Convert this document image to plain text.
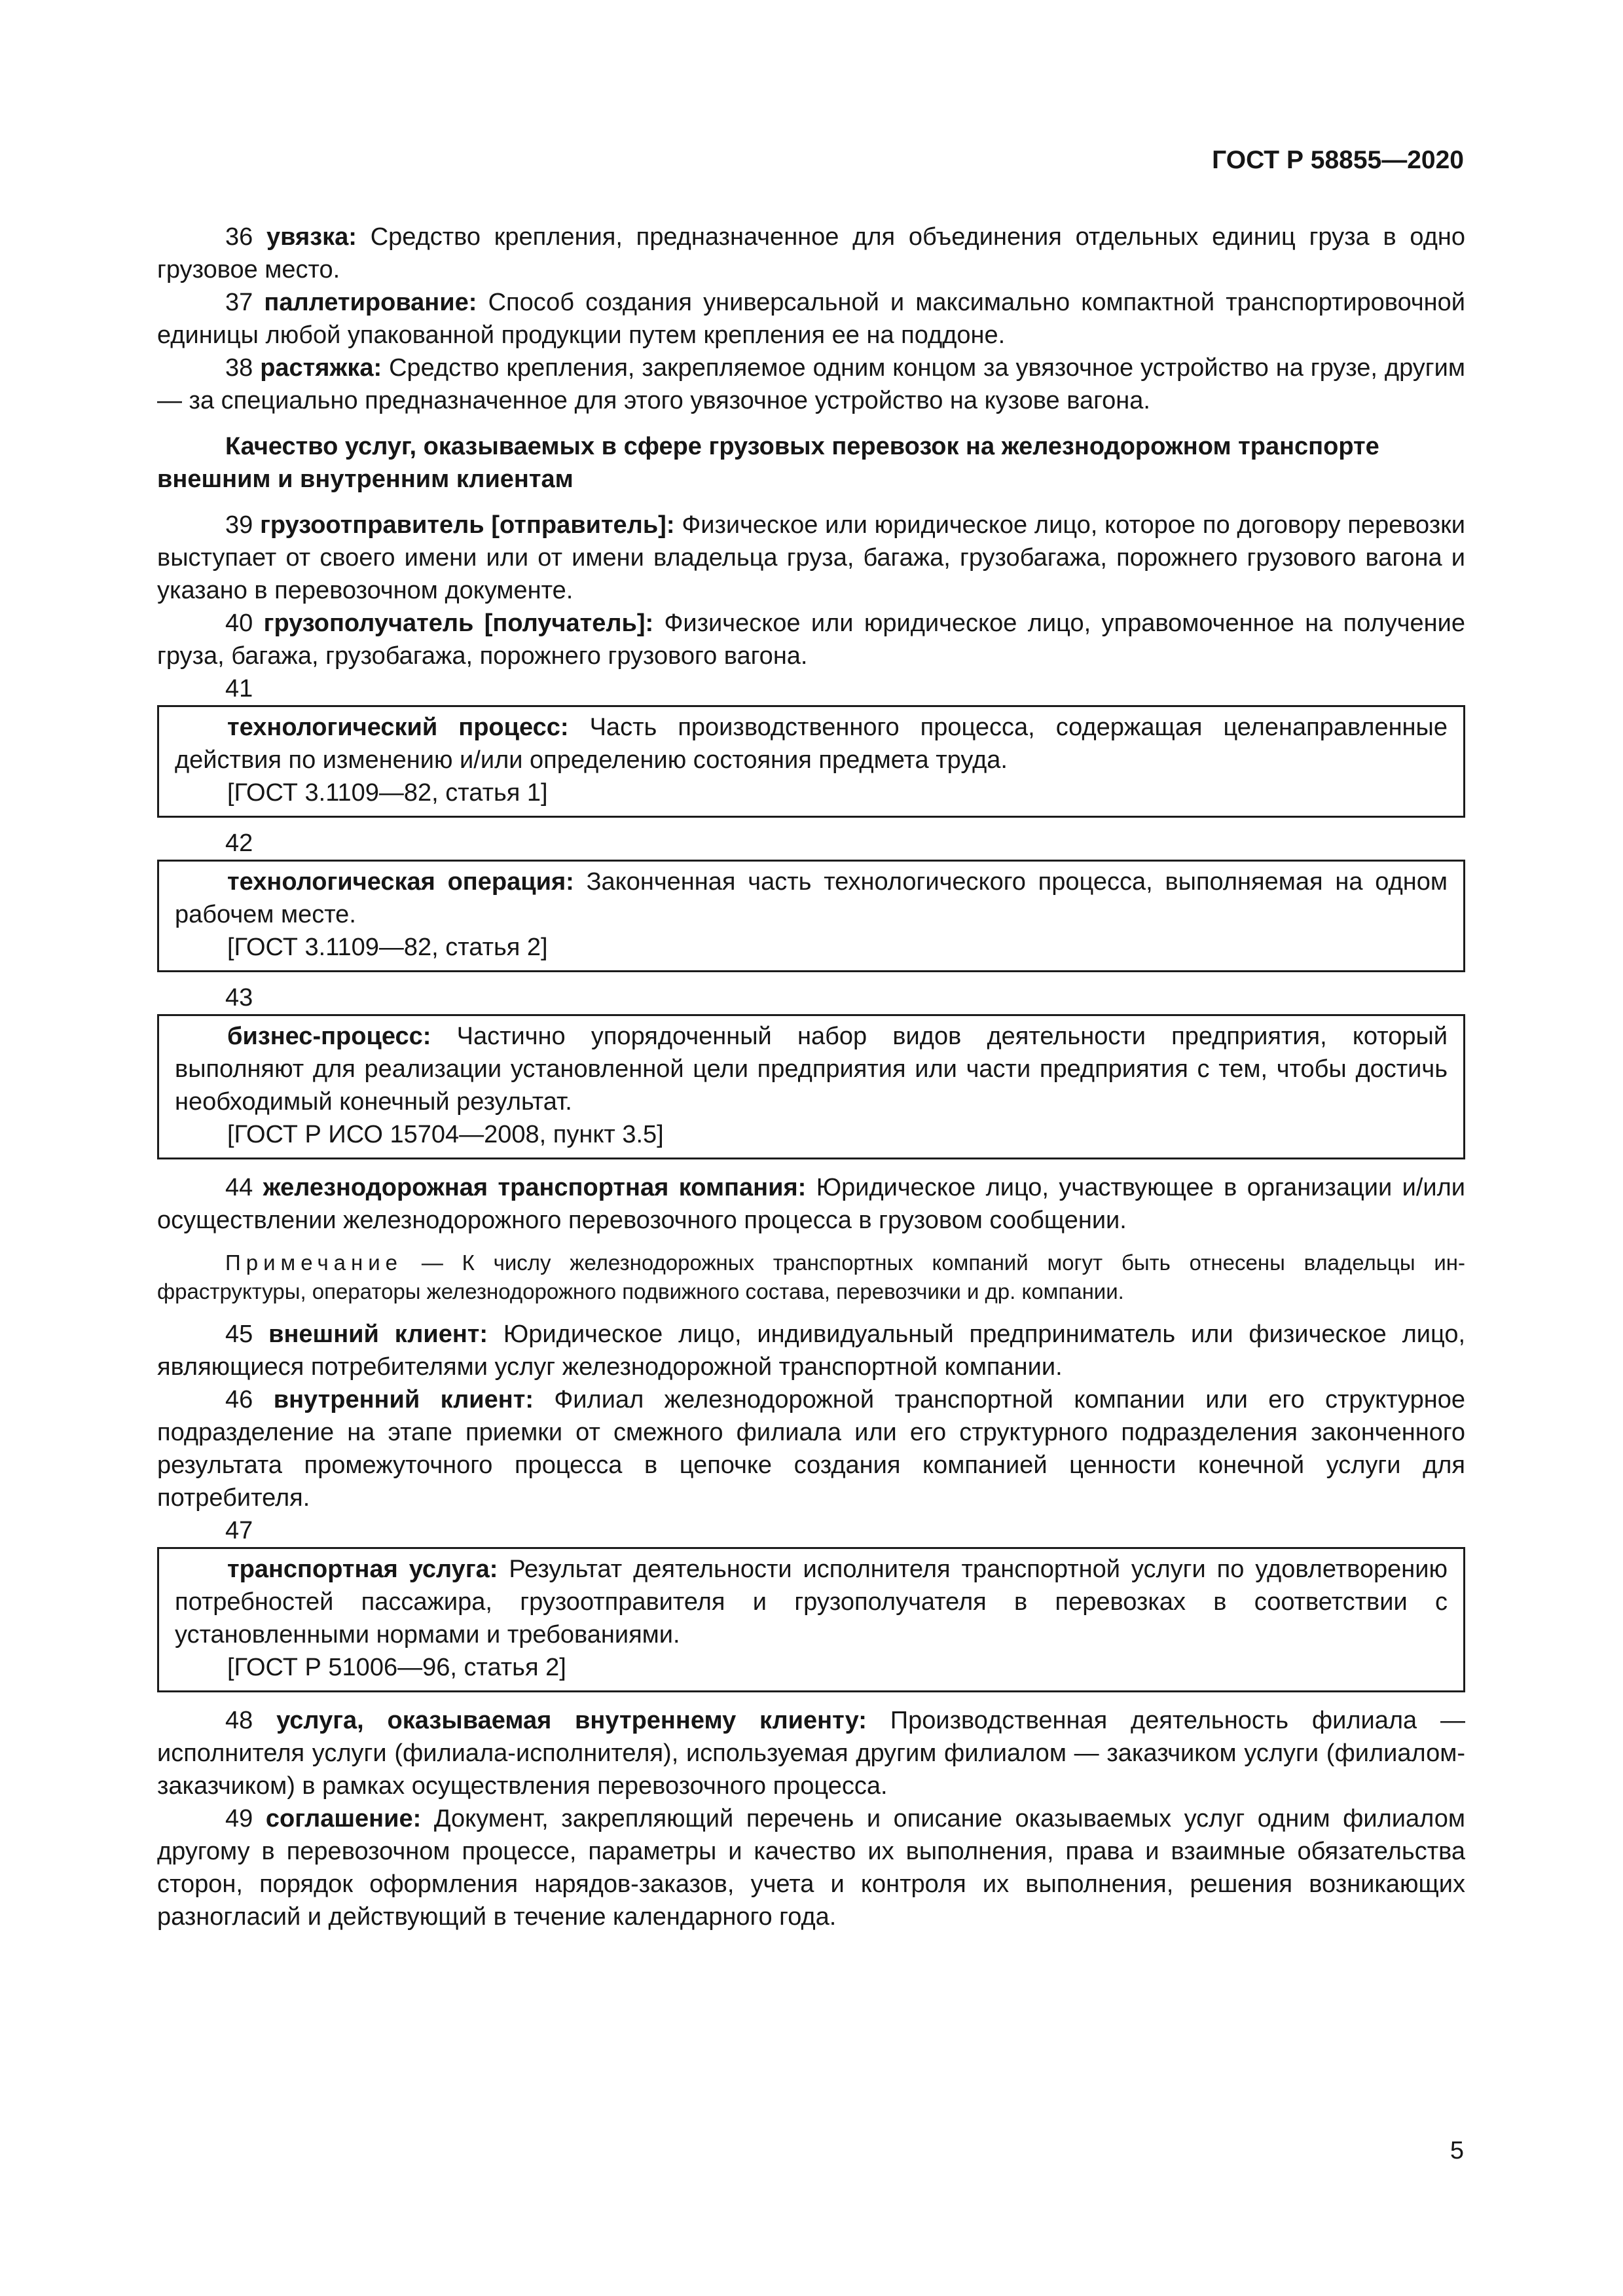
ГОСТ Р 58855—2020

36 увязка: Средство крепления, предназначенное для объединения отдельных единиц груза в одно грузовое место.

37 паллетирование: Способ создания универсальной и максимально компактной транспортировочной единицы любой упакованной продукции путем крепления ее на поддоне.

38 растяжка: Средство крепления, закрепляемое одним концом за увязочное устройство на грузе, другим — за специально предназначенное для этого увязочное устройство на кузове вагона.

Качество услуг, оказываемых в сфере грузовых перевозок на железнодорожном транспорте внешним и внутренним клиентам

39 грузоотправитель [отправитель]: Физическое или юридическое лицо, которое по договору перевозки выступает от своего имени или от имени владельца груза, багажа, грузобагажа, порожнего грузового вагона и указано в перевозочном документе.

40 грузополучатель [получатель]: Физическое или юридическое лицо, управомоченное на получение груза, багажа, грузобагажа, порожнего грузового вагона.

41

технологический процесс: Часть производственного процесса, содержащая целенаправленные действия по изменению и/или определению состояния предмета труда.

[ГОСТ 3.1109—82, статья 1]

42

технологическая операция: Законченная часть технологического процесса, выполняемая на одном рабочем месте.

[ГОСТ 3.1109—82, статья 2]

43

бизнес-процесс: Частично упорядоченный набор видов деятельности предприятия, который выполняют для реализации установленной цели предприятия или части предприятия с тем, чтобы достичь необходимый конечный результат.

[ГОСТ Р ИСО 15704—2008, пункт 3.5]

44 железнодорожная транспортная компания: Юридическое лицо, участвующее в организации и/или осуществлении железнодорожного перевозочного процесса в грузовом сообщении.

Примечание — К числу железнодорожных транспортных компаний могут быть отнесены владельцы инфраструктуры, операторы железнодорожного подвижного состава, перевозчики и др. компании.

45 внешний клиент: Юридическое лицо, индивидуальный предприниматель или физическое лицо, являющиеся потребителями услуг железнодорожной транспортной компании.

46 внутренний клиент: Филиал железнодорожной транспортной компании или его структурное подразделение на этапе приемки от смежного филиала или его структурного подразделения законченного результата промежуточного процесса в цепочке создания компанией ценности конечной услуги для потребителя.

47

транспортная услуга: Результат деятельности исполнителя транспортной услуги по удовлетворению потребностей пассажира, грузоотправителя и грузополучателя в перевозках в соответствии с установленными нормами и требованиями.

[ГОСТ Р 51006—96, статья 2]

48 услуга, оказываемая внутреннему клиенту: Производственная деятельность филиала — исполнителя услуги (филиала-исполнителя), используемая другим филиалом — заказчиком услуги (филиалом-заказчиком) в рамках осуществления перевозочного процесса.

49 соглашение: Документ, закрепляющий перечень и описание оказываемых услуг одним филиалом другому в перевозочном процессе, параметры и качество их выполнения, права и взаимные обязательства сторон, порядок оформления нарядов-заказов, учета и контроля их выполнения, решения возникающих разногласий и действующий в течение календарного года.

5
